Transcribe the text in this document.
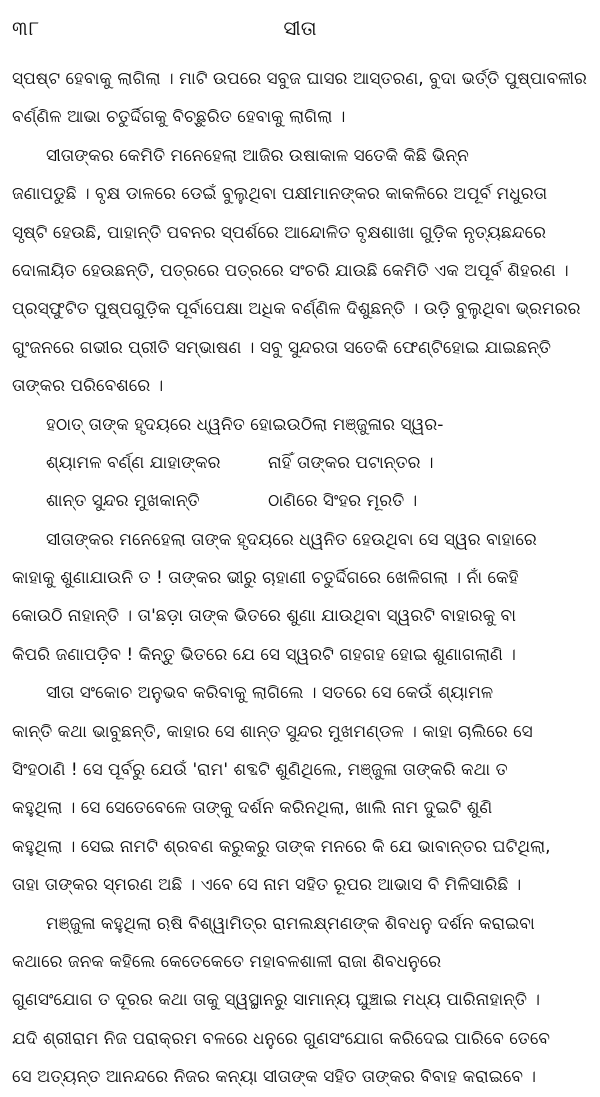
୩୮	ସୀତା
ସ୍ପଷ୍ଟ ହେବାକୁ ଲାଗିଲା । ମାଟି ଉପରେ ସବୁଜ ଘାସର ଆସ୍ତରଣ, ବୁଦା ଭର୍ତ୍ତି ପୁଷ୍ପାବଳୀର
ବର୍ଣ୍ଣିଳ ଆଭା ଚତୁର୍ଦ୍ଦିଗକୁ ବିଚ୍ଛୁରିତ ହେବାକୁ ଲାଗିଲା ।
ସୀତାଙ୍କର କେମିତି ମନେହେଲା ଆଜିର ଉଷାକାଳ ସତେକି କିଛି ଭିନ୍ନ
ଜଣାପଡୁଛି । ବୃକ୍ଷ ଡାଳରେ ଡେଇଁ ବୁଲୁଥିବା ପକ୍ଷୀମାନଙ୍କର କାକଳିରେ ଅପୂର୍ବ ମଧୁରତା
ସୃଷ୍ଟି ହେଉଛି, ପାହାନ୍ତି ପବନର ସ୍ପର୍ଶରେ ଆନ୍ଦୋଳିତ ବୃକ୍ଷଶାଖା ଗୁଡ଼ିକ ନୃତ୍ୟଛନ୍ଦରେ
ଦୋଳାୟିତ ହେଉଛନ୍ତି, ପତ୍ରରେ ପତ୍ରରେ ସଂଚରି ଯାଉଛି କେମିତି ଏକ ଅପୂର୍ବ ଶିହରଣ ।
ପ୍ରସ୍ଫୁଟିତ ପୁଷ୍ପଗୁଡ଼ିକ ପୂର୍ବାପେକ୍ଷା ଅଧିକ ବର୍ଣ୍ଣିଳ ଦିଶୁଛନ୍ତି । ଉଡ଼ି ବୁଲୁଥିବା ଭ୍ରମରର
ଗୁଂଜନରେ ଗଭୀର ପ୍ରୀତି ସମ୍ଭାଷଣ । ସବୁ ସୁନ୍ଦରତା ସତେକି ଫେଣ୍ଟିହୋଇ ଯାଇଛନ୍ତି
ତାଙ୍କର ପରିବେଶରେ ।
ହଠାତ୍ ତାଙ୍କ ହୃଦୟରେ ଧ୍ୱନିତ ହୋଇଉଠିଲା ମଞ୍ଜୁଳାର ସ୍ୱର-
ଶ୍ୟାମଳ ବର୍ଣ୍ଣ ଯାହାଙ୍କର	ନାହିଁ ତାଙ୍କର ପଟାନ୍ତର ।
ଶାନ୍ତ ସୁନ୍ଦର ମୁଖକାନ୍ତି	ଠାଣିରେ ସିଂହର ମୂରତି ।
ସୀତାଙ୍କର ମନେହେଲା ତାଙ୍କ ହୃଦୟରେ ଧ୍ୱନିତ ହେଉଥିବା ସେ ସ୍ୱର ବାହାରେ
କାହାକୁ ଶୁଣାଯାଉନି ତ ! ତାଙ୍କର ଭୀରୁ ଚାହାଣୀ ଚତୁର୍ଦ୍ଦିଗରେ ଖେଳିଗଲା । ନାଁ କେହି
କୋଉଠି ନାହାନ୍ତି । ତା'ଛଡ଼ା ତାଙ୍କ ଭିତରେ ଶୁଣା ଯାଉଥିବା ସ୍ୱରଟି ବାହାରକୁ ବା
କିପରି ଜଣାପଡ଼ିବ ! କିନ୍ତୁ ଭିତରେ ଯେ ସେ ସ୍ୱରଟି ଗହଗହ ହୋଇ ଶୁଣାଗଲାଣି ।
ସୀତା ସଂକୋଚ ଅନୁଭବ କରିବାକୁ ଲାଗିଲେ । ସତରେ ସେ କେଉଁ ଶ୍ୟାମଳ
କାନ୍ତି କଥା ଭାବୁଛନ୍ତି, କାହାର ସେ ଶାନ୍ତ ସୁନ୍ଦର ମୁଖମଣ୍ଡଳ । କାହା ଚାଲିରେ ସେ
ସିଂହଠାଣି ! ସେ ପୂର୍ବରୁ ଯେଉଁ 'ରାମ' ଶବ୍ଦଟି ଶୁଣିଥିଲେ, ମଞ୍ଜୁଳା ତାଙ୍କରି କଥା ତ
କହୁଥିଲା । ସେ ସେତେବେଳେ ତାଙ୍କୁ ଦର୍ଶନ କରିନଥିଲା, ଖାଲି ନାମ ଦୁଇଟି ଶୁଣି
କହୁଥିଲା । ସେଇ ନାମଟି ଶ୍ରବଣ କରୁକରୁ ତାଙ୍କ ମନରେ କି ଯେ ଭାବାନ୍ତର ଘଟିଥିଲା,
ତାହା ତାଙ୍କର ସ୍ମରଣ ଅଛି । ଏବେ ସେ ନାମ ସହିତ ରୂପର ଆଭାସ ବି ମିଳିସାରିଛି ।
ମଞ୍ଜୁଳା କହୁଥିଲା ଋଷି ବିଶ୍ୱାମିତ୍ର ରାମଲକ୍ଷ୍ମଣଙ୍କ ଶିବଧନୁ ଦର୍ଶନ କରାଇବା
କଥାରେ ଜନକ କହିଲେ କେତେକେତେ ମହାବଳଶାଳୀ ରାଜା ଶିବଧନୁରେ
ଗୁଣସଂଯୋଗ ତ ଦୂରର କଥା ତାକୁ ସ୍ୱସ୍ଥାନରୁ ସାମାନ୍ୟ ଘୁଞ୍ଚାଇ ମଧ୍ୟ ପାରିନାହାନ୍ତି ।
ଯଦି ଶ୍ରୀରାମ ନିଜ ପରାକ୍ରମ ବଳରେ ଧନୁରେ ଗୁଣସଂଯୋଗ କରିଦେଇ ପାରିବେ ତେବେ
ସେ ଅତ୍ୟନ୍ତ ଆନନ୍ଦରେ ନିଜର କନ୍ୟା ସୀତାଙ୍କ ସହିତ ତାଙ୍କର ବିବାହ କରାଇବେ ।
